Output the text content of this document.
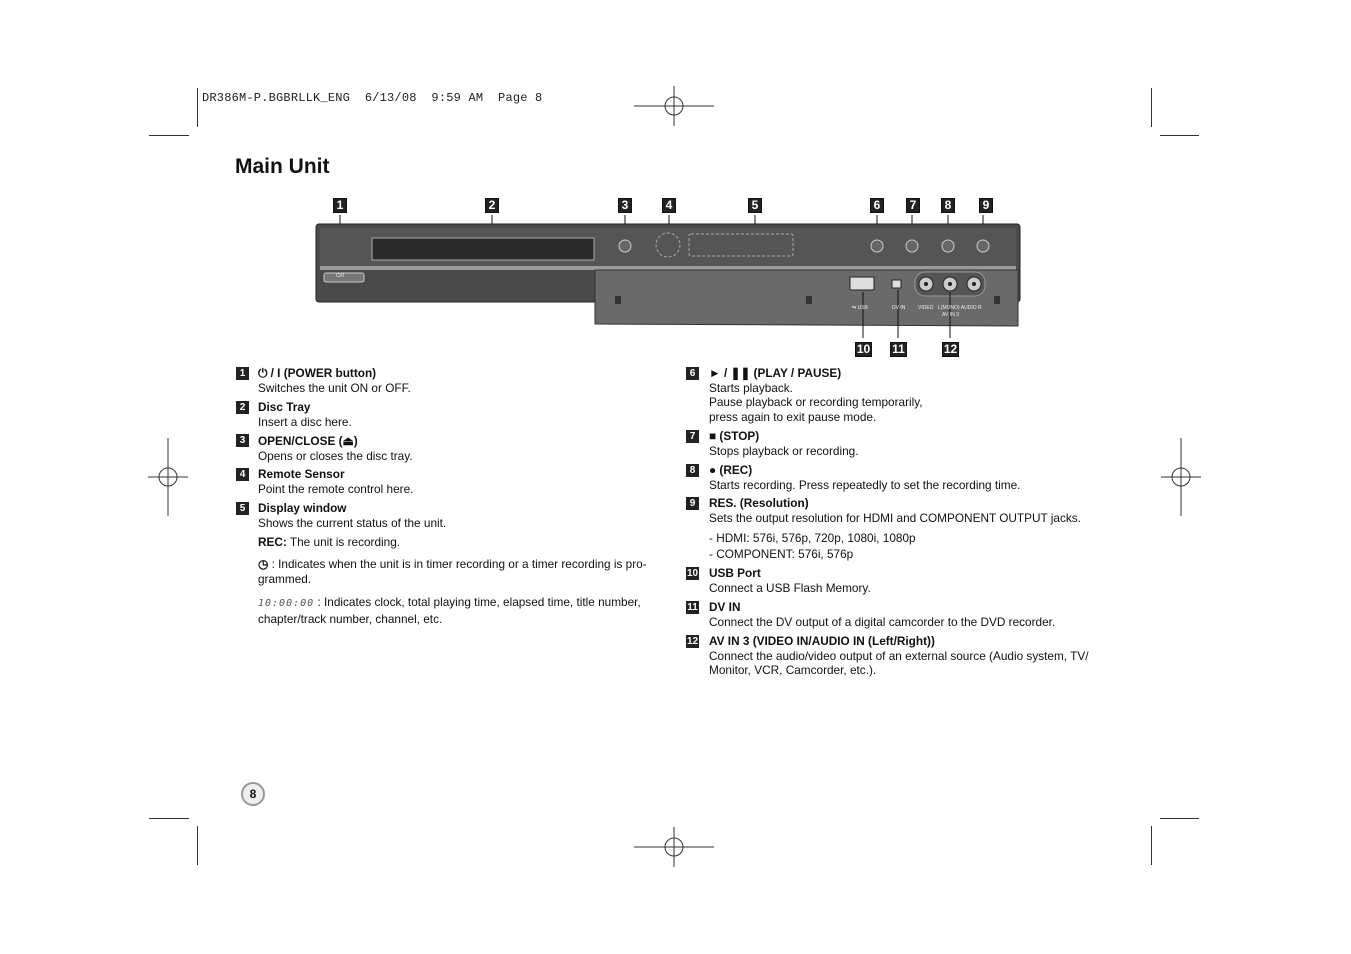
DR386M-P.BGBRLLK_ENG  6/13/08  9:59 AM  Page 8
Main Unit
1	2	3	4	5	6	7	8	9
⏻/I
⇆ USB	DV IN	VIDEO L(MONO) AUDIO R
AV IN 3
10 11	12
1	⏻ / I (POWER button)

Switches the unit ON or OFF.

2	Disc Tray

Insert a disc here.

3	OPEN/CLOSE (⏏)

Opens or closes the disc tray.

4	Remote Sensor

Point the remote control here.

5	Display window

Shows the current status of the unit.

REC: The unit is recording.
◷ : Indicates when the unit is in timer recording or a timer recording is pro-grammed.
10:00:00 : Indicates clock, total playing time, elapsed time, title number, chapter/track number, channel, etc.
6	► / ❚❚ (PLAY / PAUSE)

Starts playback.

Pause playback or recording temporarily,

press again to exit pause mode.

7	■ (STOP)

Stops playback or recording.

8	● (REC)

Starts recording. Press repeatedly to set the recording time.

9	RES. (Resolution)

Sets the output resolution for HDMI and COMPONENT OUTPUT jacks.

- HDMI: 576i, 576p, 720p, 1080i, 1080p

- COMPONENT: 576i, 576p

10 USB Port

Connect a USB Flash Memory.

11 DV IN

Connect the DV output of a digital camcorder to the DVD recorder.

12 AV IN 3 (VIDEO IN/AUDIO IN (Left/Right))

Connect the audio/video output of an external source (Audio system, TV/

Monitor, VCR, Camcorder, etc.).

8
